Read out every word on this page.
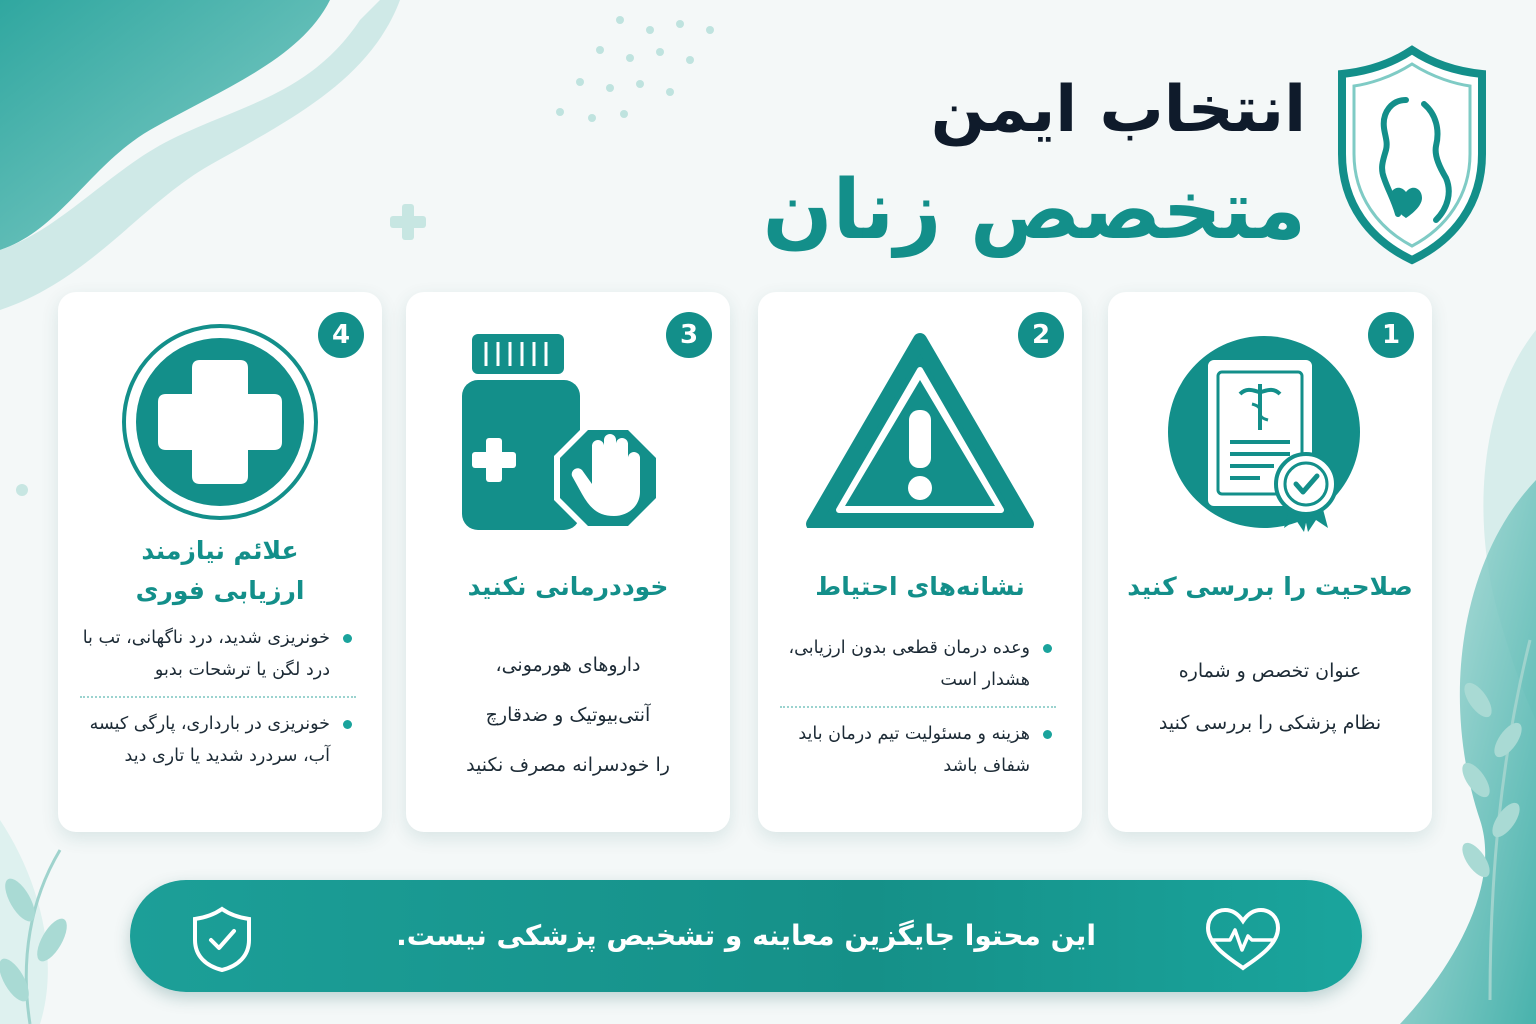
انتخاب ایمن
متخصص زنان
1
صلاحیت را بررسی کنید
عنوان تخصص و شماره
نظام پزشکی را بررسی کنید
2
نشانه‌های احتیاط
وعده درمان قطعی بدون ارزیابی، هشدار است
هزینه و مسئولیت تیم درمان باید شفاف باشد
3
خوددرمانی نکنید
داروهای هورمونی،
آنتی‌بیوتیک و ضدقارچ
را خودسرانه مصرف نکنید
4
علائم نیازمند
ارزیابی فوری
خونریزی شدید، درد ناگهانی، تب با درد لگن یا ترشحات بدبو
خونریزی در بارداری، پارگی کیسه آب، سردرد شدید یا تاری دید
این محتوا جایگزین معاینه و تشخیص پزشکی نیست.
